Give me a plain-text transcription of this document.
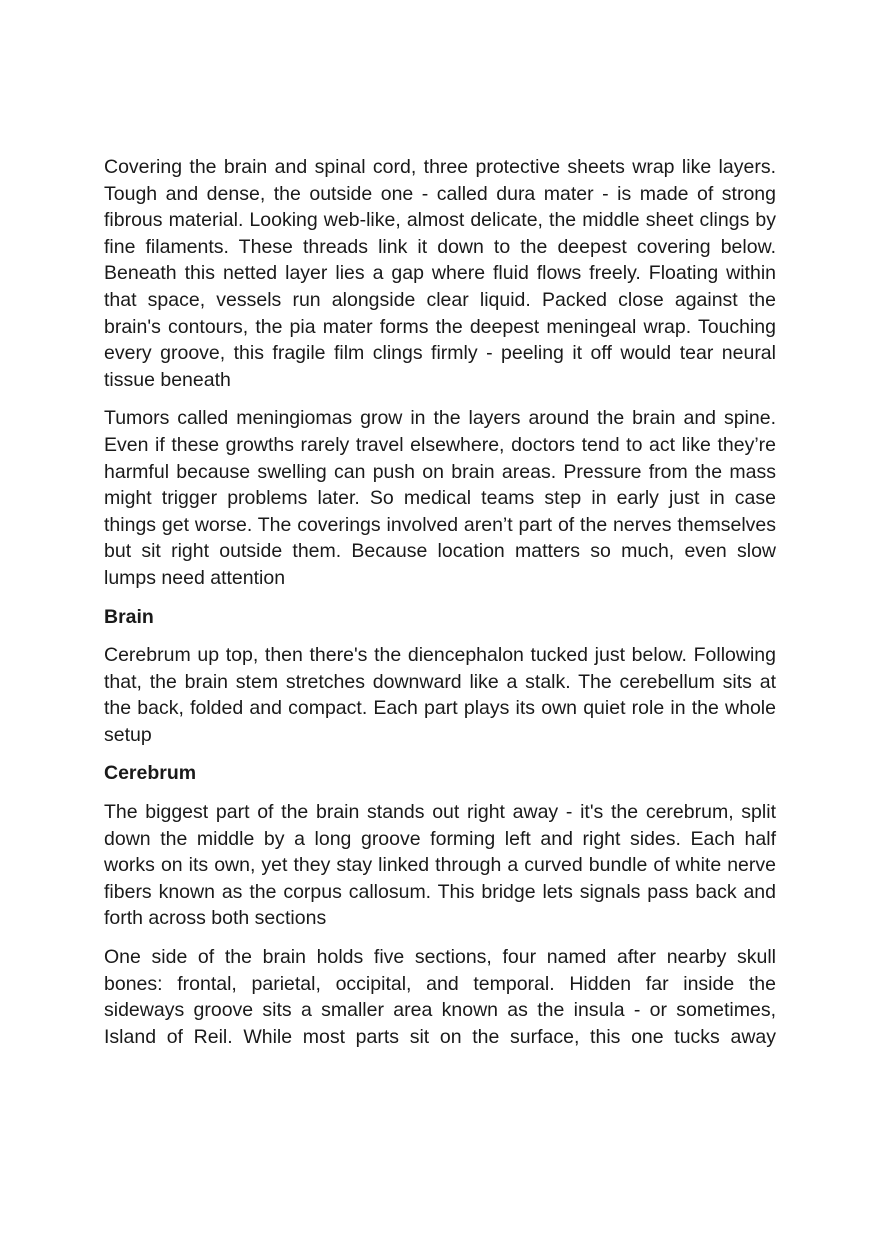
Covering the brain and spinal cord, three protective sheets wrap like layers. Tough and dense, the outside one - called dura mater - is made of strong fibrous material. Looking web-like, almost delicate, the middle sheet clings by fine filaments. These threads link it down to the deepest covering below. Beneath this netted layer lies a gap where fluid flows freely. Floating within that space, vessels run alongside clear liquid. Packed close against the brain's contours, the pia mater forms the deepest meningeal wrap. Touching every groove, this fragile film clings firmly - peeling it off would tear neural tissue beneath

Tumors called meningiomas grow in the layers around the brain and spine. Even if these growths rarely travel elsewhere, doctors tend to act like they’re harmful because swelling can push on brain areas. Pressure from the mass might trigger problems later. So medical teams step in early just in case things get worse. The coverings involved aren’t part of the nerves themselves but sit right outside them. Because location matters so much, even slow lumps need attention

Brain

Cerebrum up top, then there's the diencephalon tucked just below. Following that, the brain stem stretches downward like a stalk. The cerebellum sits at the back, folded and compact. Each part plays its own quiet role in the whole setup

Cerebrum

The biggest part of the brain stands out right away - it's the cerebrum, split down the middle by a long groove forming left and right sides. Each half works on its own, yet they stay linked through a curved bundle of white nerve fibers known as the corpus callosum. This bridge lets signals pass back and forth across both sections

One side of the brain holds five sections, four named after nearby skull bones: frontal, parietal, occipital, and temporal. Hidden far inside the sideways groove sits a smaller area known as the insula - or sometimes, Island of Reil. While most parts sit on the surface, this one tucks away
